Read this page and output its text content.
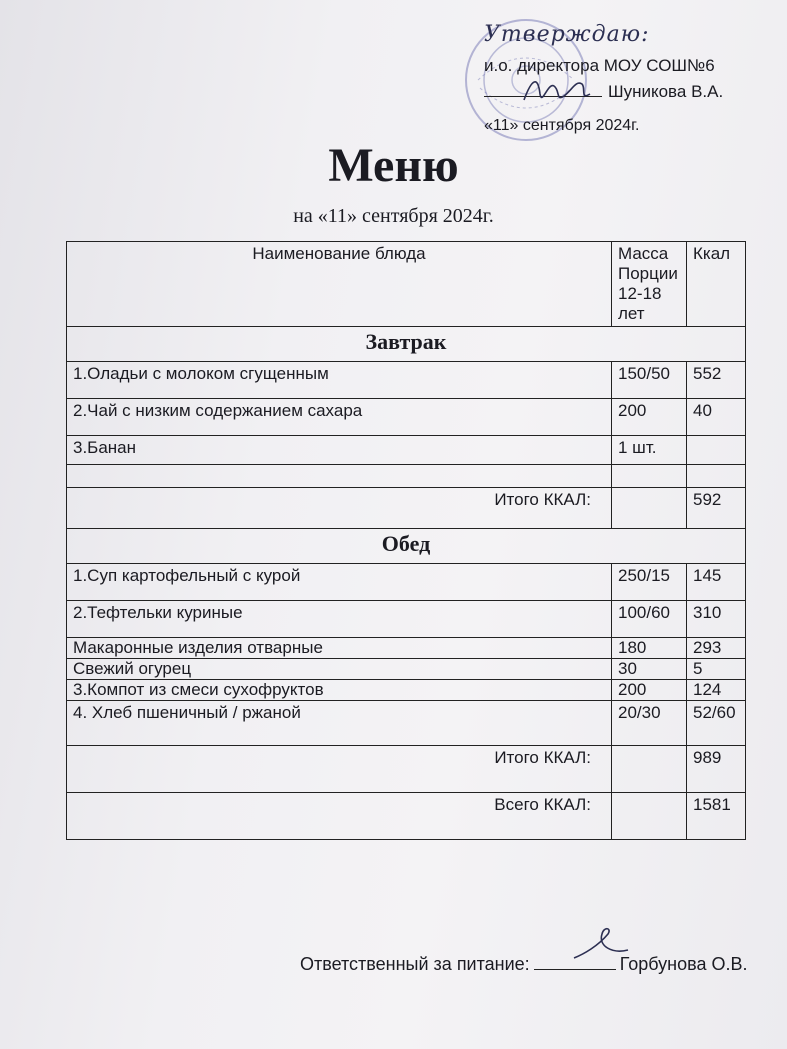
Утверждаю:
и.о. директора МОУ СОШ№6
Шуникова В.А.
«11» сентября 2024г.
Меню
на «11» сентября 2024г.
Наименование блюда	Масса Порции 12-18 лет	Ккал
Завтрак		
1.Оладьи с молоком сгущенным	150/50	552
2.Чай с низким содержанием сахара	200	40
3.Банан	1 шт.	

Итого ККАЛ:		592
Обед		
1.Суп картофельный с курой	250/15	145
2.Тефтельки куриные	100/60	310
Макаронные изделия отварные	180	293
Свежий огурец	30	5
3.Компот из смеси сухофруктов	200	124
4. Хлеб пшеничный / ржаной	20/30	52/60
Итого ККАЛ:		989
Всего ККАЛ:		1581
Ответственный за питание:	Горбунова О.В.
